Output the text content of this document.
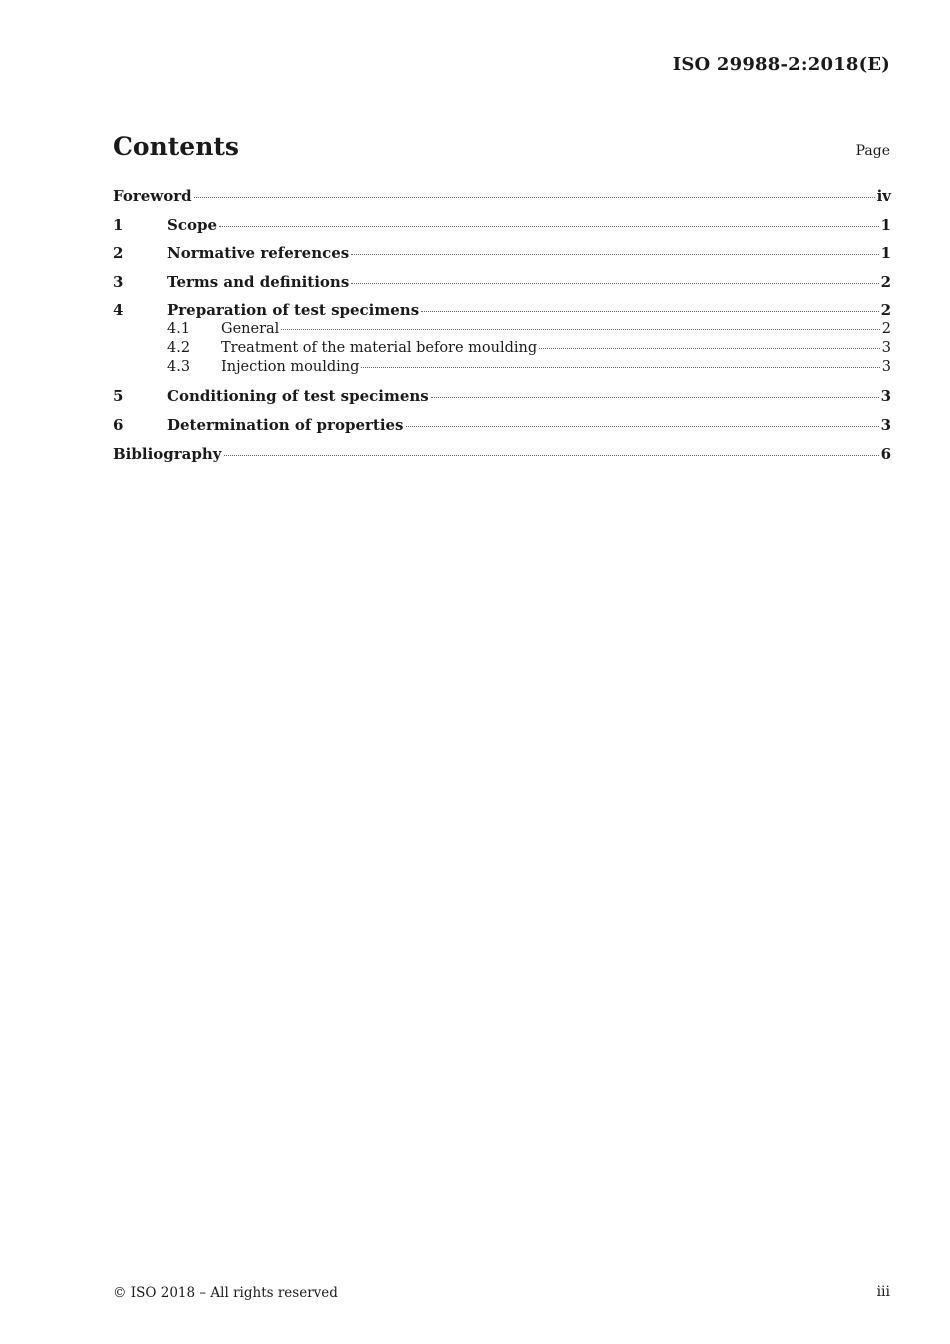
ISO 29988-2:2018(E)
Contents	Page
Foreword	iv
1	Scope	1
2	Normative references	1
3	Terms and definitions	2
4	Preparation of test specimens	2
4.1	General	2
4.2	Treatment of the material before moulding	3
4.3	Injection moulding	3
5	Conditioning of test specimens	3
6	Determination of properties	3
Bibliography	6
© ISO 2018 – All rights reserved	iii
